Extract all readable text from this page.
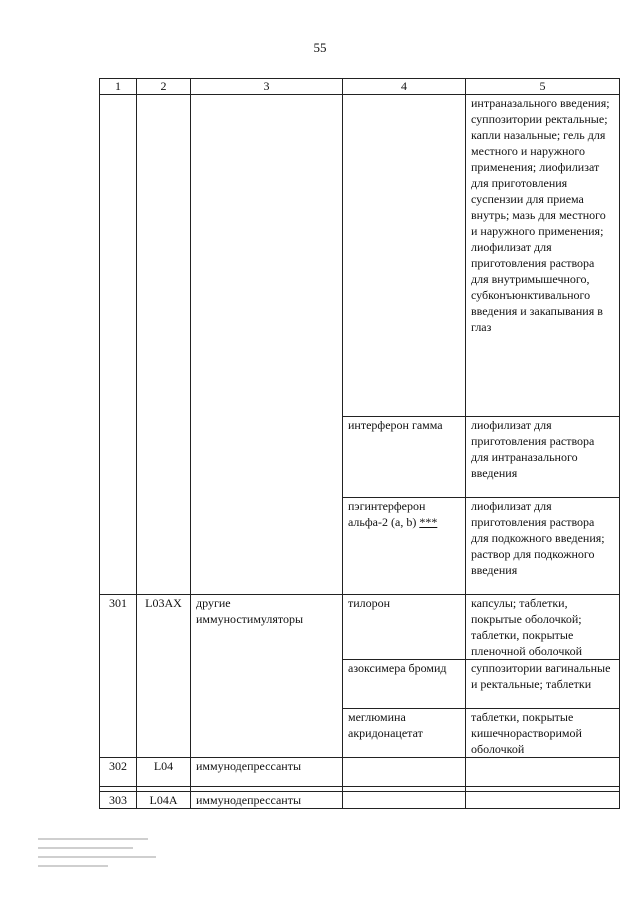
55
1	2	3	4	5
				интраназального введения; суппозитории ректальные; капли назальные; гель для местного и наружного применения; лиофилизат для приготовления суспензии для приема внутрь; мазь для местного и наружного применения; лиофилизат для приготовления раствора для внутримышечного, субконъюнктивального введения и закапывания в глаз
			интерферон гамма	лиофилизат для приготовления раствора для интраназального введения
			пэгинтерферон альфа-2 (a, b) ***	лиофилизат для приготовления раствора для подкожного введения; раствор для подкожного введения
301	L03AX	другие иммуностимуляторы	тилорон	капсулы; таблетки, покрытые оболочкой; таблетки, покрытые пленочной оболочкой
			азоксимера бромид	суппозитории вагинальные и ректальные; таблетки
			меглюмина акридонацетат	таблетки, покрытые кишечнорастворимой оболочкой
302	L04	иммунодепрессанты		

303	L04A	иммунодепрессанты		
